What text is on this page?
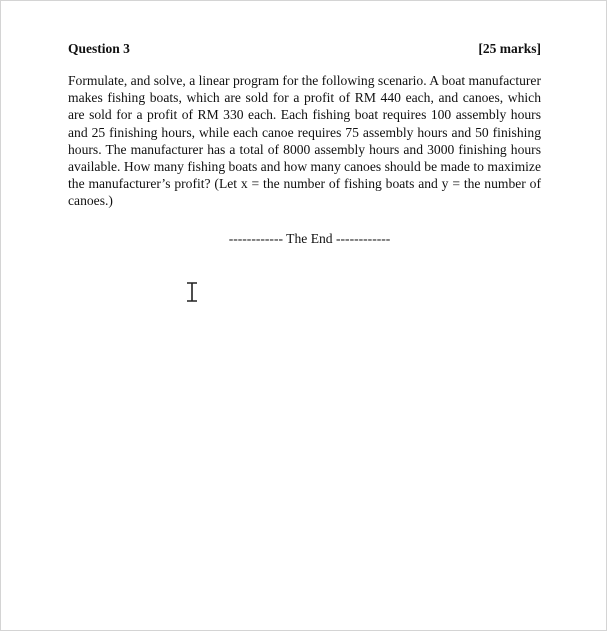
Question 3	[25 marks]

Formulate, and solve, a linear program for the following scenario. A boat manufacturer makes fishing boats, which are sold for a profit of RM 440 each, and canoes, which are sold for a profit of RM 330 each. Each fishing boat requires 100 assembly hours and 25 finishing hours, while each canoe requires 75 assembly hours and 50 finishing hours. The manufacturer has a total of 8000 assembly hours and 3000 finishing hours available. How many fishing boats and how many canoes should be made to maximize the manufacturer’s profit? (Let x = the number of fishing boats and y = the number of canoes.)

------------ The End ------------
